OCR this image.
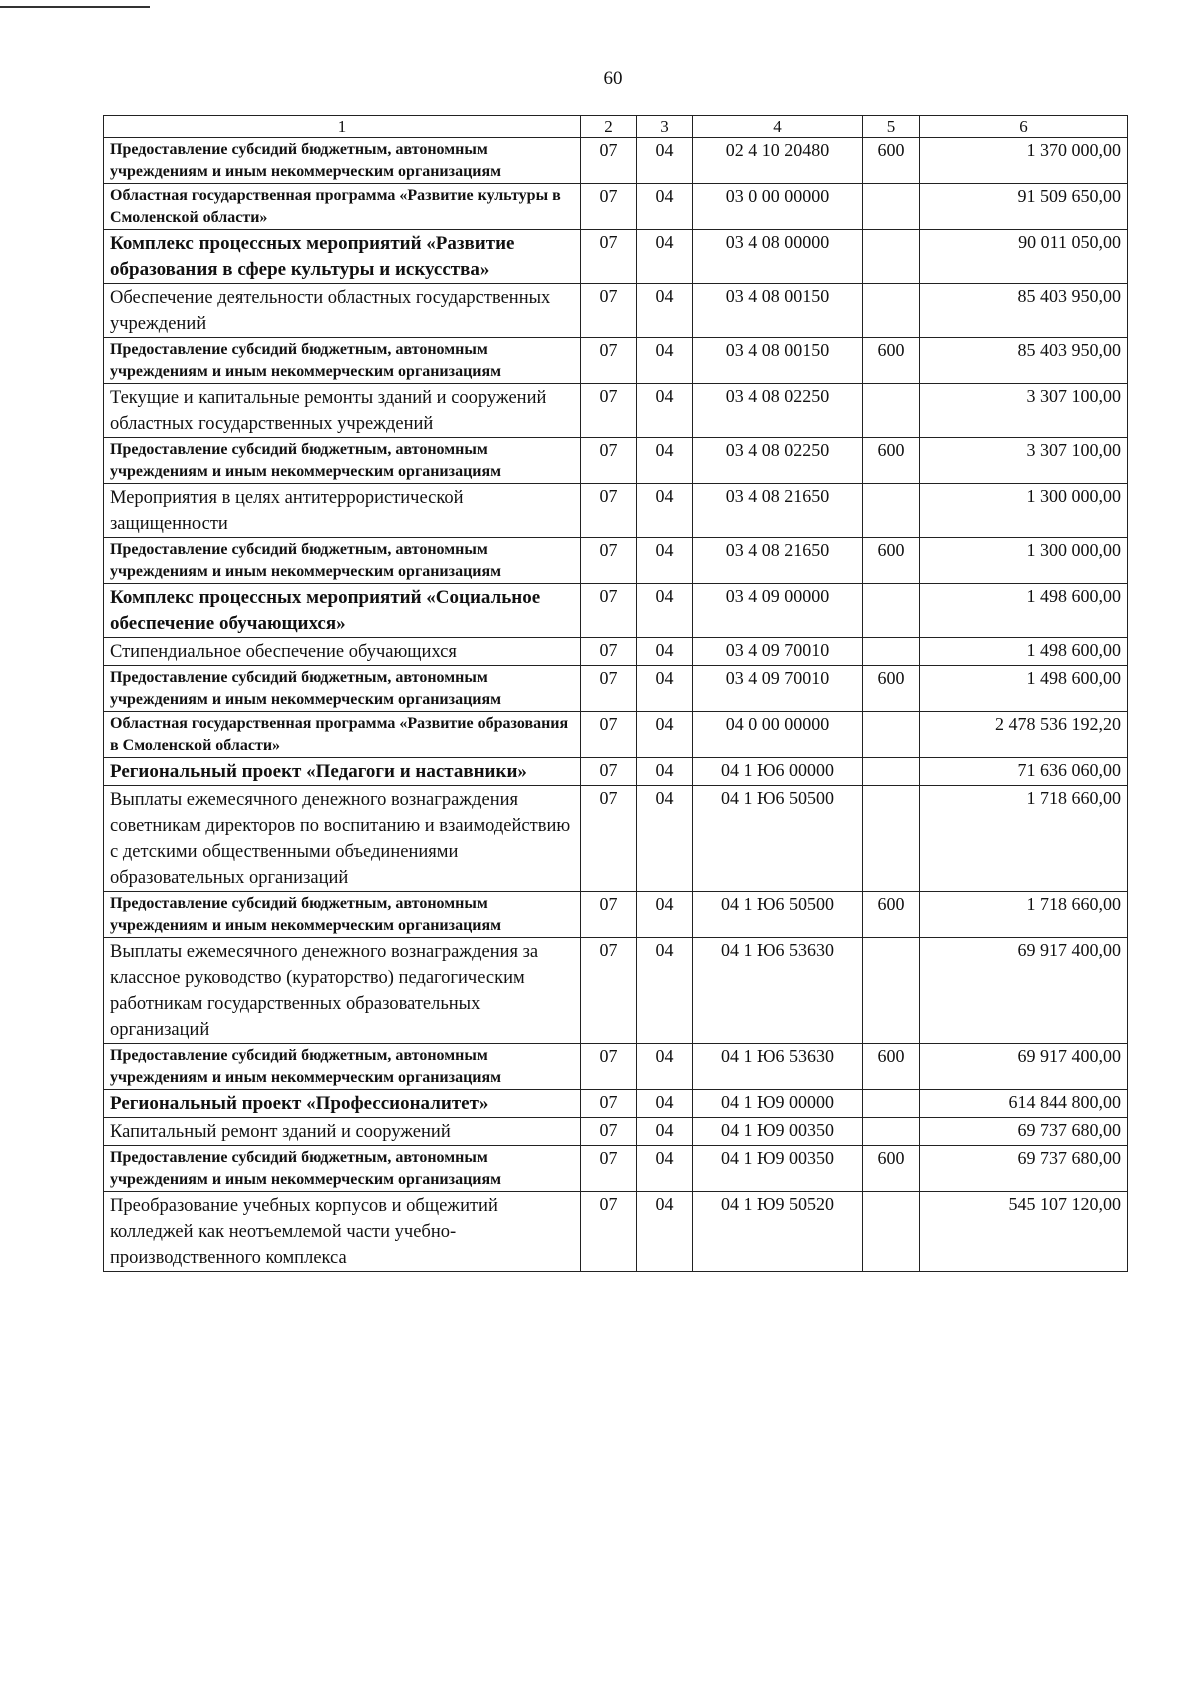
60
1	2	3	4	5	6
Предоставление субсидий бюджетным, автономным учреждениям и иным некоммерческим организациям	07	04	02 4 10 20480	600	1 370 000,00
Областная государственная программа «Развитие культуры в Смоленской области»	07	04	03 0 00 00000		91 509 650,00
Комплекс процессных мероприятий «Развитие образования в сфере культуры и искусства»	07	04	03 4 08 00000		90 011 050,00
Обеспечение деятельности областных государственных учреждений	07	04	03 4 08 00150		85 403 950,00
Предоставление субсидий бюджетным, автономным учреждениям и иным некоммерческим организациям	07	04	03 4 08 00150	600	85 403 950,00
Текущие и капитальные ремонты зданий и сооружений областных государственных учреждений	07	04	03 4 08 02250		3 307 100,00
Предоставление субсидий бюджетным, автономным учреждениям и иным некоммерческим организациям	07	04	03 4 08 02250	600	3 307 100,00
Мероприятия в целях антитеррористической защищенности	07	04	03 4 08 21650		1 300 000,00
Предоставление субсидий бюджетным, автономным учреждениям и иным некоммерческим организациям	07	04	03 4 08 21650	600	1 300 000,00
Комплекс процессных мероприятий «Социальное обеспечение обучающихся»	07	04	03 4 09 00000		1 498 600,00
Стипендиальное обеспечение обучающихся	07	04	03 4 09 70010		1 498 600,00
Предоставление субсидий бюджетным, автономным учреждениям и иным некоммерческим организациям	07	04	03 4 09 70010	600	1 498 600,00
Областная государственная программа «Развитие образования в Смоленской области»	07	04	04 0 00 00000		2 478 536 192,20
Региональный проект «Педагоги и наставники»	07	04	04 1 Ю6 00000		71 636 060,00
Выплаты ежемесячного денежного вознаграждения советникам директоров по воспитанию и взаимодействию с детскими общественными объединениями образовательных организаций	07	04	04 1 Ю6 50500		1 718 660,00
Предоставление субсидий бюджетным, автономным учреждениям и иным некоммерческим организациям	07	04	04 1 Ю6 50500	600	1 718 660,00
Выплаты ежемесячного денежного вознаграждения за классное руководство (кураторство) педагогическим работникам государственных образовательных организаций	07	04	04 1 Ю6 53630		69 917 400,00
Предоставление субсидий бюджетным, автономным учреждениям и иным некоммерческим организациям	07	04	04 1 Ю6 53630	600	69 917 400,00
Региональный проект «Профессионалитет»	07	04	04 1 Ю9 00000		614 844 800,00
Капитальный ремонт зданий и сооружений	07	04	04 1 Ю9 00350		69 737 680,00
Предоставление субсидий бюджетным, автономным учреждениям и иным некоммерческим организациям	07	04	04 1 Ю9 00350	600	69 737 680,00
Преобразование учебных корпусов и общежитий колледжей как неотъемлемой части учебно-производственного комплекса	07	04	04 1 Ю9 50520		545 107 120,00
